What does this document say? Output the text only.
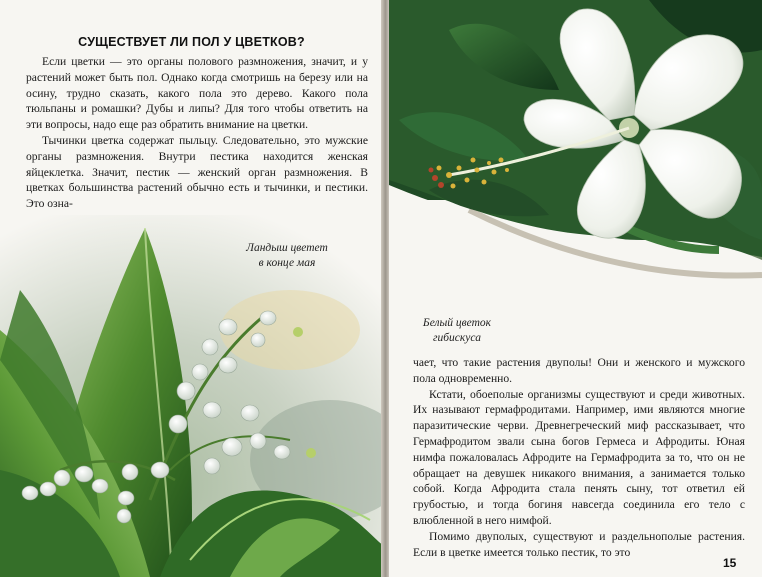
СУЩЕСТВУЕТ ЛИ ПОЛ У ЦВЕТКОВ?

Если цветки — это органы полового размножения, значит, и у растений может быть пол. Однако когда смотришь на березу или на осину, трудно сказать, какого пола это дерево. Какого пола тюльпаны и ромашки? Дубы и липы? Для того чтобы ответить на эти вопросы, надо еще раз обратить внимание на цветки.

Тычинки цветка содержат пыльцу. Следовательно, это мужские органы размножения. Внутри пестика находится женская яйцеклетка. Значит, пестик — женский орган размножения. В цветках большинства растений обычно есть и тычинки, и пестики. Это озна-

Ландыш цветет
в конце мая
Белый цветок
гибискуса

чает, что такие растения двуполы! Они и женского и мужского пола одновременно.

Кстати, обоеполые организмы существуют и среди животных. Их называют гермафродитами. Например, ими являются многие паразитические черви. Древнегреческий миф рассказывает, что Гермафродитом звали сына богов Гермеса и Афродиты. Юная нимфа пожаловалась Афродите на Гермафродита за то, что он не обращает на девушек никакого внимания, а занимается только собой. Когда Афродита стала пенять сыну, тот ответил ей грубостью, и тогда богиня навсегда соединила его тело с влюбленной в него нимфой.

Помимо двуполых, существуют и раздельнополые растения. Если в цветке имеется только пестик, то это

15
